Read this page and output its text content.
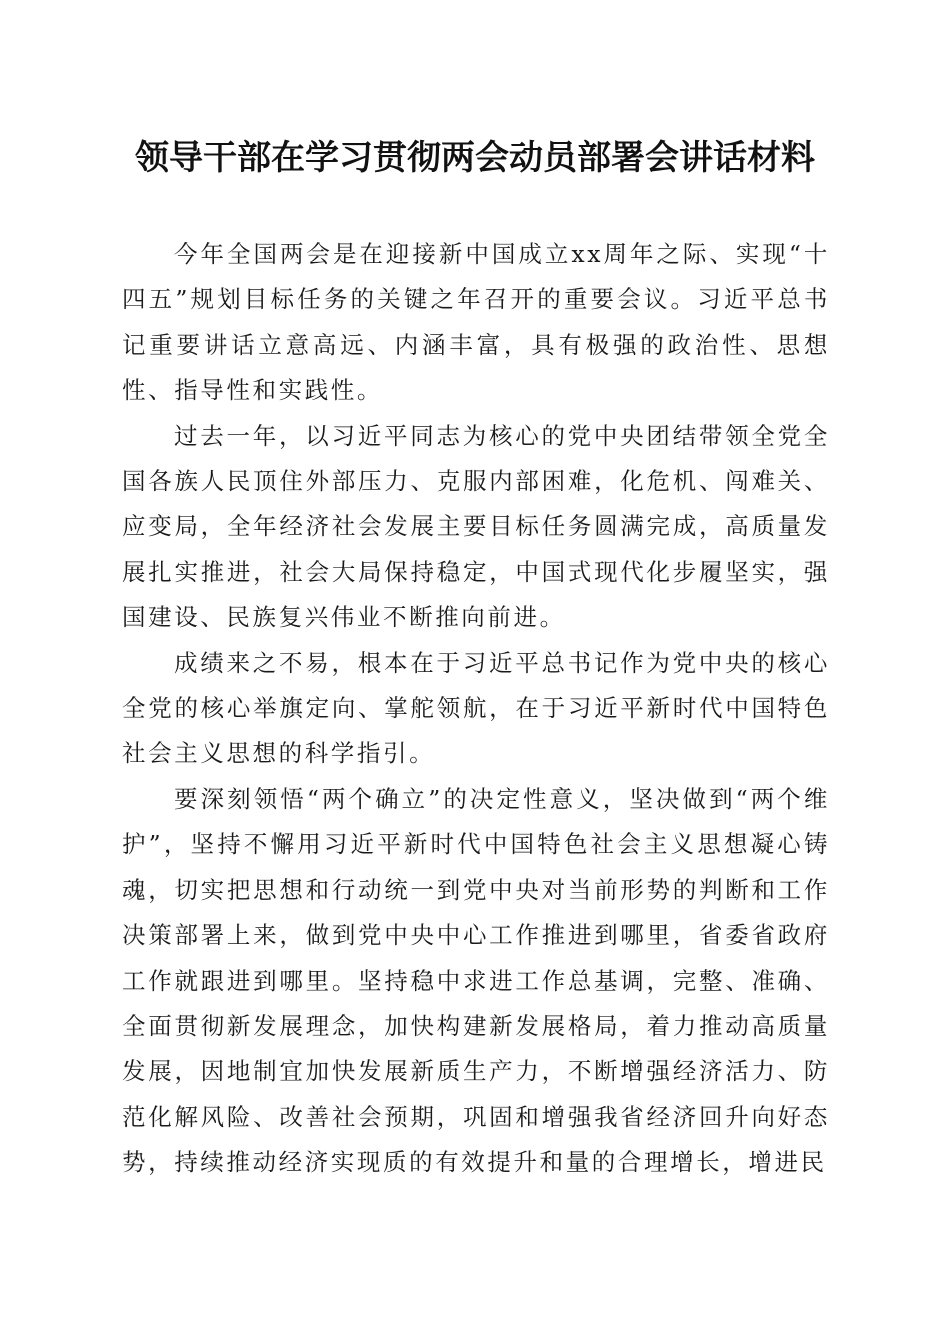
领导干部在学习贯彻两会动员部署会讲话材料

今年全国两会是在迎接新中国成立xx周年之际、实现“十四五”规划目标任务的关键之年召开的重要会议。习近平总书记重要讲话立意高远、内涵丰富，具有极强的政治性、思想性、指导性和实践性。

过去一年，以习近平同志为核心的党中央团结带领全党全国各族人民顶住外部压力、克服内部困难，化危机、闯难关、应变局，全年经济社会发展主要目标任务圆满完成，高质量发展扎实推进，社会大局保持稳定，中国式现代化步履坚实，强国建设、民族复兴伟业不断推向前进。

成绩来之不易，根本在于习近平总书记作为党中央的核心全党的核心举旗定向、掌舵领航，在于习近平新时代中国特色社会主义思想的科学指引。

要深刻领悟“两个确立”的决定性意义，坚决做到“两个维护”，坚持不懈用习近平新时代中国特色社会主义思想凝心铸魂，切实把思想和行动统一到党中央对当前形势的判断和工作决策部署上来，做到党中央中心工作推进到哪里，省委省政府工作就跟进到哪里。坚持稳中求进工作总基调，完整、准确、全面贯彻新发展理念，加快构建新发展格局，着力推动高质量发展，因地制宜加快发展新质生产力，不断增强经济活力、防范化解风险、改善社会预期，巩固和增强我省经济回升向好态势，持续推动经济实现质的有效提升和量的合理增长，增进民
